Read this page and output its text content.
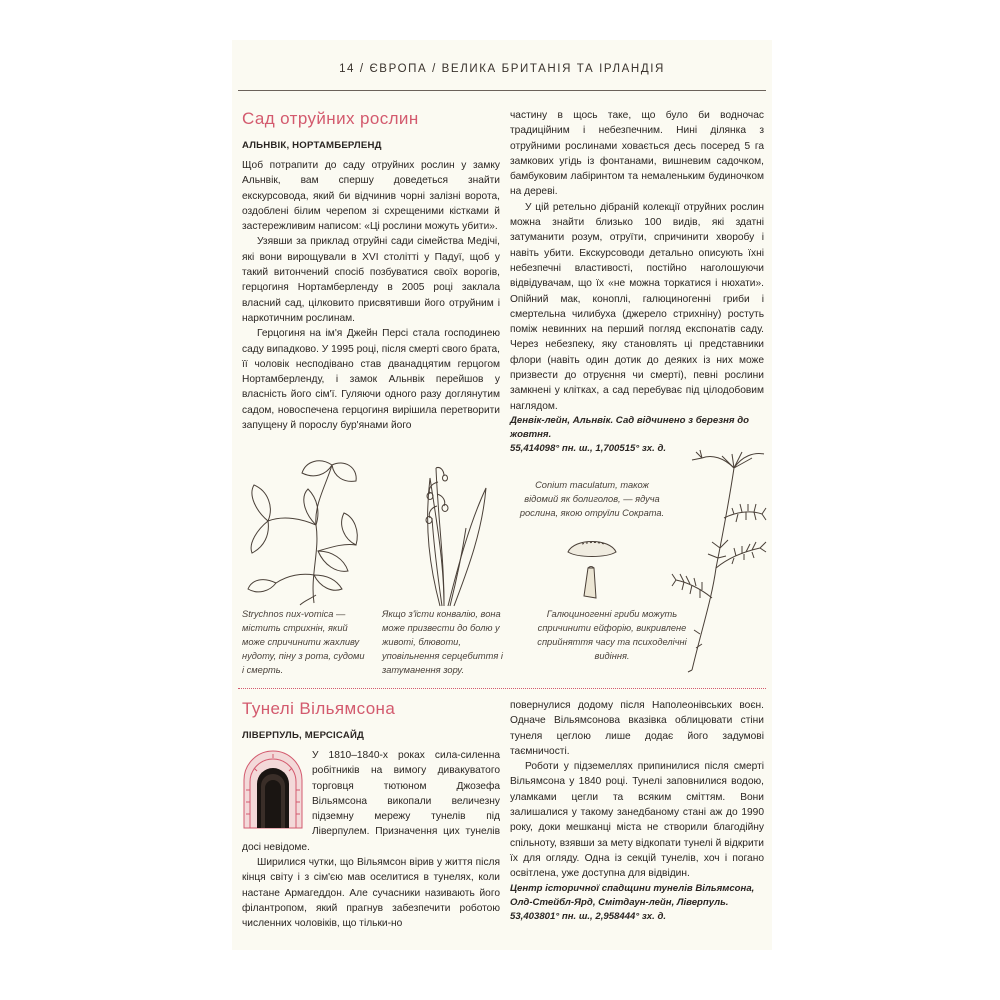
14 / ЄВРОПА / ВЕЛИКА БРИТАНІЯ ТА ІРЛАНДІЯ
Сад отруйних рослин
АЛЬНВІК, НОРТАМБЕРЛЕНД

Щоб потрапити до саду отруйних рослин у замку Альнвік, вам спершу доведеться знайти екскурсовода, який би відчинив чорні залізні ворота, оздоблені білим черепом зі схрещеними кістками й застережливим написом: «Ці рослини можуть убити».

Узявши за приклад отруйні сади сімейства Медічі, які вони вирощували в XVI столітті у Падуї, щоб у такий витончений спосіб позбуватися своїх ворогів, герцогиня Нортамберленду в 2005 році заклала власний сад, цілковито присвятивши його отруйним і наркотичним рослинам.

Герцогиня на ім'я Джейн Персі стала господинею саду випадково. У 1995 році, після смерті свого брата, її чоловік несподівано став дванадцятим герцогом Нортамберленду, і замок Альнвік перейшов у власність його сім'ї. Гуляючи одного разу доглянутим садом, новоспечена герцогиня вирішила перетворити запущену й порослу бур'янами його

частину в щось таке, що було би водночас традиційним і небезпечним. Нині ділянка з отруйними рослинами ховається десь посеред 5 га замкових угідь із фонтанами, вишневим садочком, бамбуковим лабіринтом та немаленьким будиночком на дереві.

У цій ретельно дібраній колекції отруйних рослин можна знайти близько 100 видів, які здатні затуманити розум, отруїти, спричинити хворобу і навіть убити. Екскурсоводи детально описують їхні небезпечні властивості, постійно наголошуючи відвідувачам, що їх «не можна торкатися і нюхати». Опійний мак, коноплі, галюциногенні гриби і смертельна чилибуха (джерело стрихніну) ростуть поміж невинних на перший погляд експонатів саду. Через небезпеку, яку становлять ці представники флори (навіть один дотик до деяких із них може призвести до отруєння чи смерті), певні рослини замкнені у клітках, а сад перебуває під цілодобовим наглядом.

Денвік-лейн, Альнвік. Сад відчинено з березня до жовтня.
55,414098° пн. ш., 1,700515° зх. д.
Strychnos nux-vomica — містить стрихнін, який може спричинити жахливу нудоту, піну з рота, судоми і смерть.
Якщо з'їсти конвалію, вона може призвести до болю у животі, блювоти, уповільнення серцебиття і затуманення зору.
Conium maculatum, також відомий як болиголов, — ядуча рослина, якою отруїли Сократа.
Галюциногенні гриби можуть спричинити ейфорію, викривлене сприйняття часу та психоделічні видіння.
Тунелі Вільямсона
ЛІВЕРПУЛЬ, МЕРСІСАЙД

У 1810–1840-х роках сила-силенна робітників на вимогу дивакуватого торговця тютюном Джозефа Вільямсона викопали величезну підземну мережу тунелів під Ліверпулем. Призначення цих тунелів досі невідоме.

Ширилися чутки, що Вільямсон вірив у життя після кінця світу і з сім'єю мав оселитися в тунелях, коли настане Армагеддон. Але сучасники називають його філантропом, який прагнув забезпечити роботою численних чоловіків, що тільки-но

повернулися додому після Наполеонівських воєн. Одначе Вільямсонова вказівка облицювати стіни тунеля цеглою лише додає його задумові таємничості.

Роботи у підземеллях припинилися після смерті Вільямсона у 1840 році. Тунелі заповнилися водою, уламками цегли та всяким сміттям. Вони залишалися у такому занедбаному стані аж до 1990 року, доки мешканці міста не створили благодійну спільноту, взявши за мету відкопати тунелі й відкрити їх для огляду. Одна із секцій тунелів, хоч і погано освітлена, уже доступна для відвідин.

Центр історичної спадщини тунелів Вільямсона, Олд-Стейбл-Ярд, Смітдаун-лейн, Ліверпуль.
53,403801° пн. ш., 2,958444° зх. д.
